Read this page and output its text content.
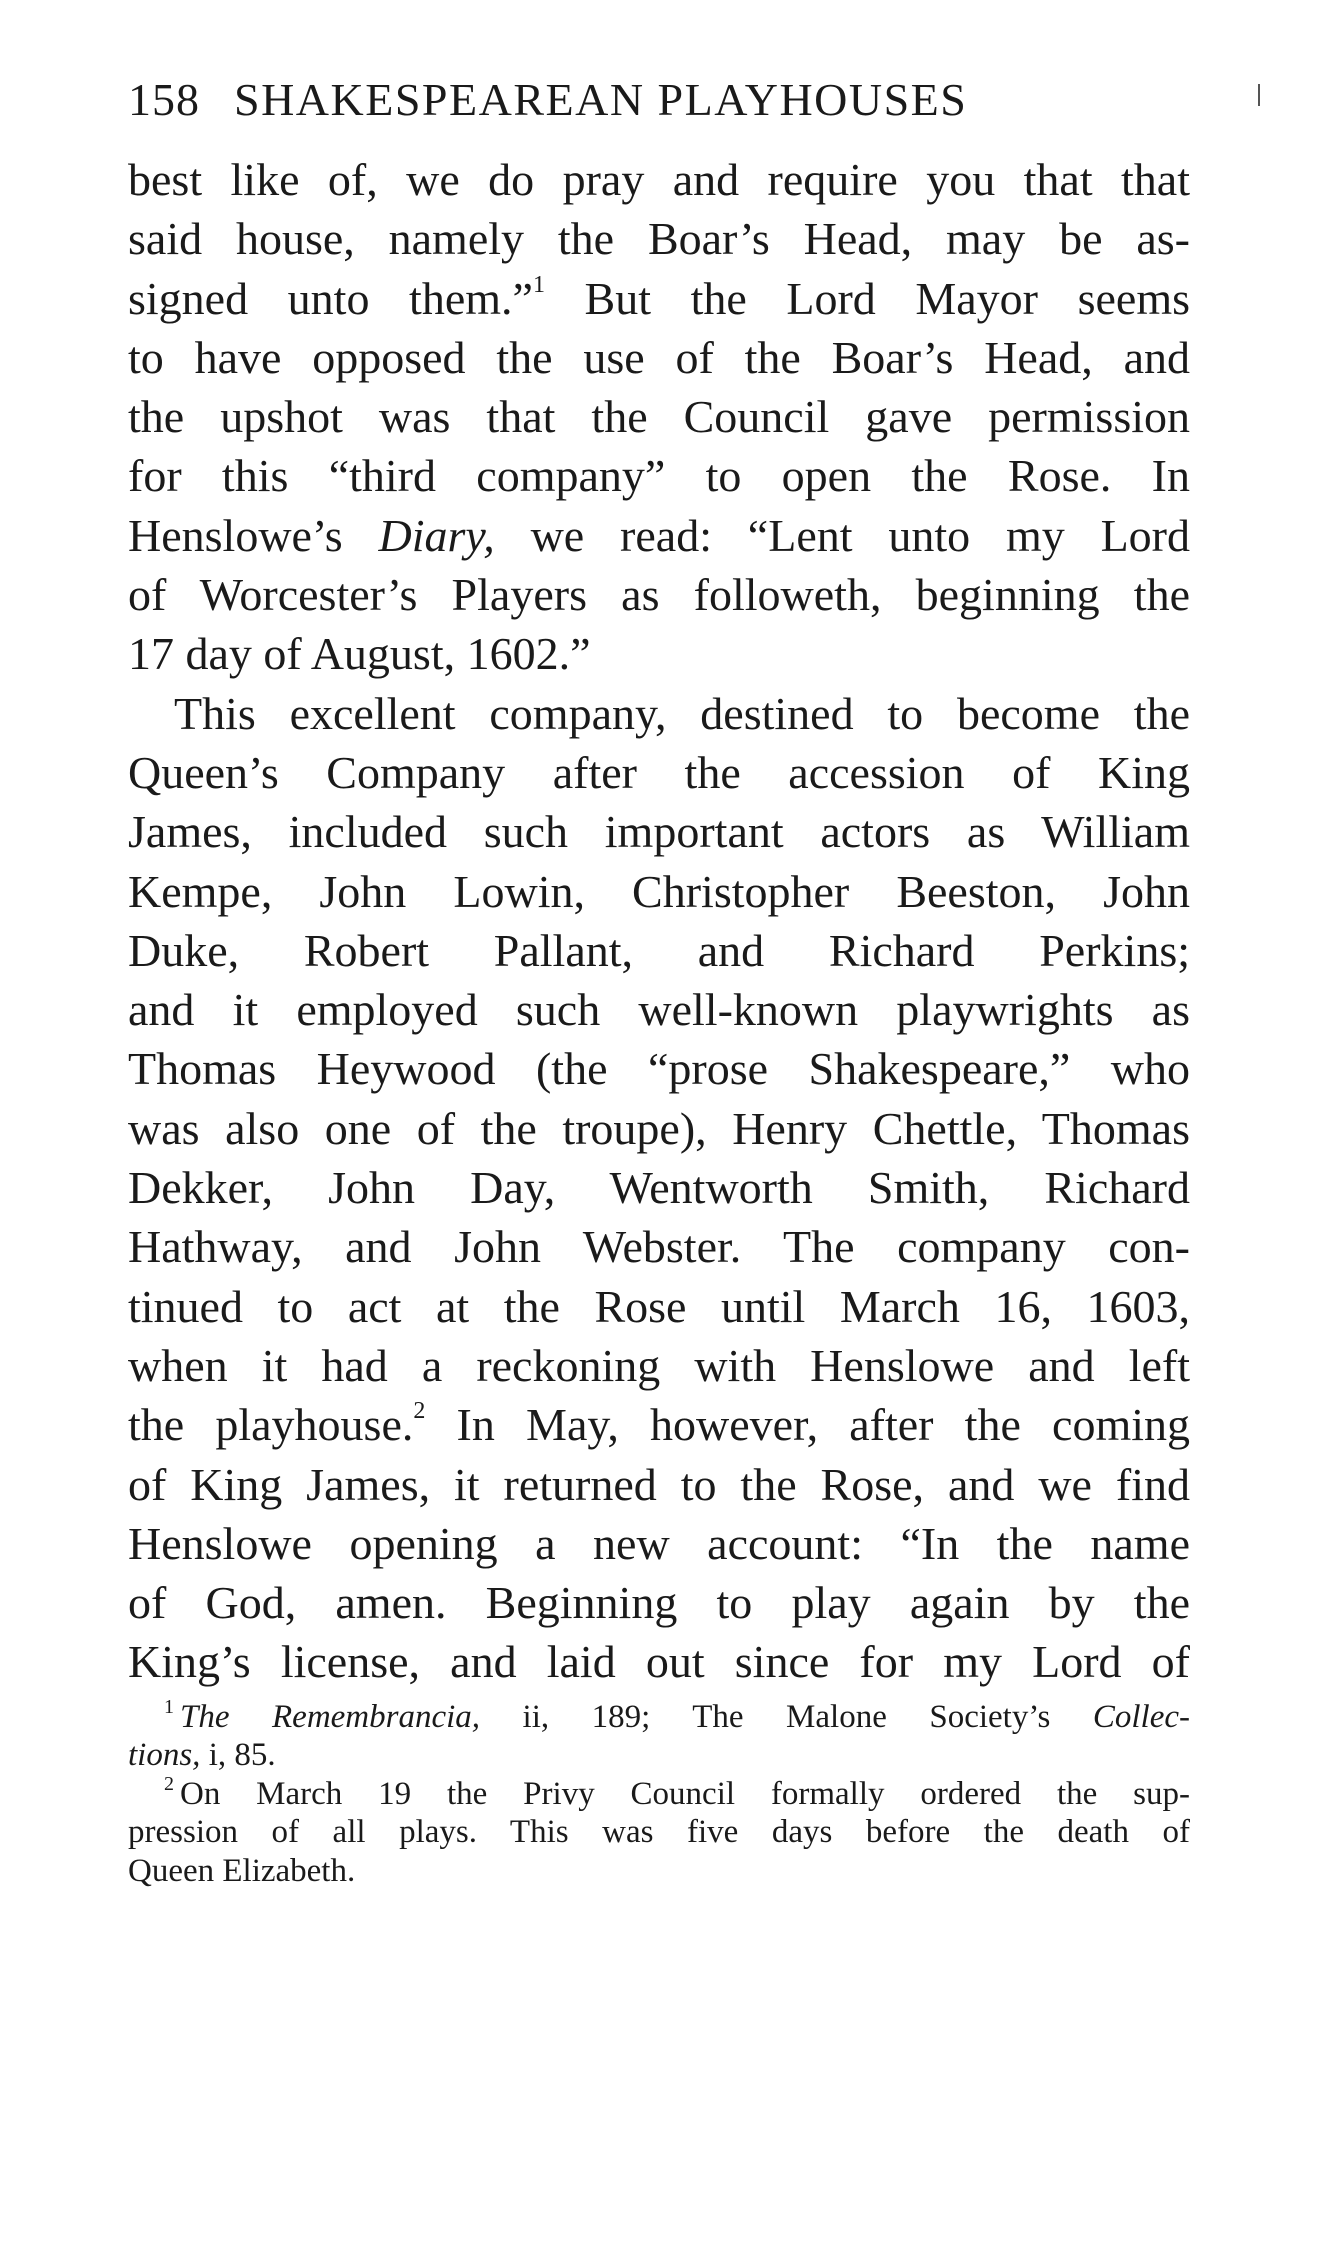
158 SHAKESPEAREAN PLAYHOUSES
best like of, we do pray and require you that that
said house, namely the Boar’s Head, may be as-
signed unto them.”$^1$ But the Lord Mayor seems
to have opposed the use of the Boar’s Head, and
the upshot was that the Council gave permission
for this “third company” to open the Rose. In
Henslowe’s Diary, we read: “Lent unto my Lord
of Worcester’s Players as followeth, beginning the
17 day of August, 1602.”
This excellent company, destined to become the
Queen’s Company after the accession of King
James, included such important actors as William
Kempe, John Lowin, Christopher Beeston, John
Duke, Robert Pallant, and Richard Perkins;
and it employed such well-known playwrights as
Thomas Heywood (the “prose Shakespeare,” who
was also one of the troupe), Henry Chettle, Thomas
Dekker, John Day, Wentworth Smith, Richard
Hathway, and John Webster. The company con-
tinued to act at the Rose until March 16, 1603,
when it had a reckoning with Henslowe and left
the playhouse.$^2$ In May, however, after the coming
of King James, it returned to the Rose, and we find
Henslowe opening a new account: “In the name
of God, amen. Beginning to play again by the
King’s license, and laid out since for my Lord of
$^1$ The Remembrancia, ii, 189; The Malone Society’s Collec-
tions, i, 85.
$^2$ On March 19 the Privy Council formally ordered the sup-
pression of all plays. This was five days before the death of
Queen Elizabeth.
